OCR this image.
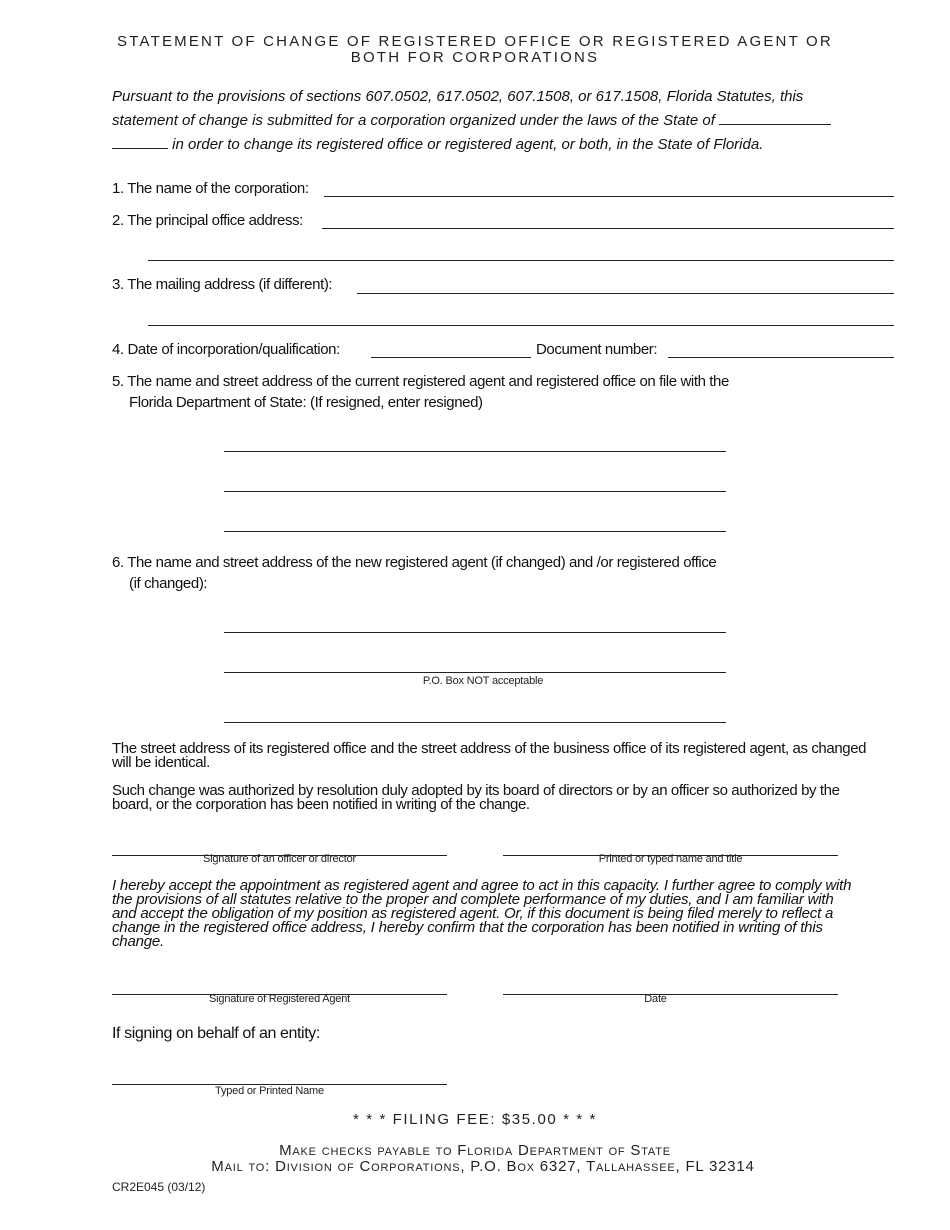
STATEMENT OF CHANGE OF REGISTERED OFFICE OR REGISTERED AGENT OR
BOTH FOR CORPORATIONS
Pursuant to the provisions of sections 607.0502, 617.0502, 607.1508, or 617.1508, Florida Statutes, this statement of change is submitted for a corporation organized under the laws of the State of   in order to change its registered office or registered agent, or both, in the State of Florida.
1. The name of the corporation:
2. The principal office address:
3. The mailing address (if different):
4. Date of incorporation/qualification:	Document number:
5. The name and street address of the current registered agent and registered office on file with the
Florida Department of State: (If resigned, enter resigned)
6. The name and street address of the new registered agent (if changed) and /or registered office
(if changed):
P.O. Box NOT acceptable
The street address of its registered office and the street address of the business office of its registered agent, as changed will be identical.
Such change was authorized by resolution duly adopted by its board of directors or by an officer so authorized by the board, or the corporation has been notified in writing of the change.
Signature of an officer or director	Printed or typed name and title
I hereby accept the appointment as registered agent and agree to act in this capacity. I further agree to comply with the provisions of all statutes relative to the proper and complete performance of my duties, and I am familiar with and accept the obligation of my position as registered agent. Or, if this document is being filed merely to reflect a change in the registered office address, I hereby confirm that the corporation has been notified in writing of this change.
Signature of Registered Agent	Date
If signing on behalf of an entity:
Typed or Printed Name
* * * FILING FEE: $35.00 * * *
Make checks payable to Florida Department of State
Mail to: Division of Corporations, P.O. Box 6327, Tallahassee, FL 32314
CR2E045 (03/12)
